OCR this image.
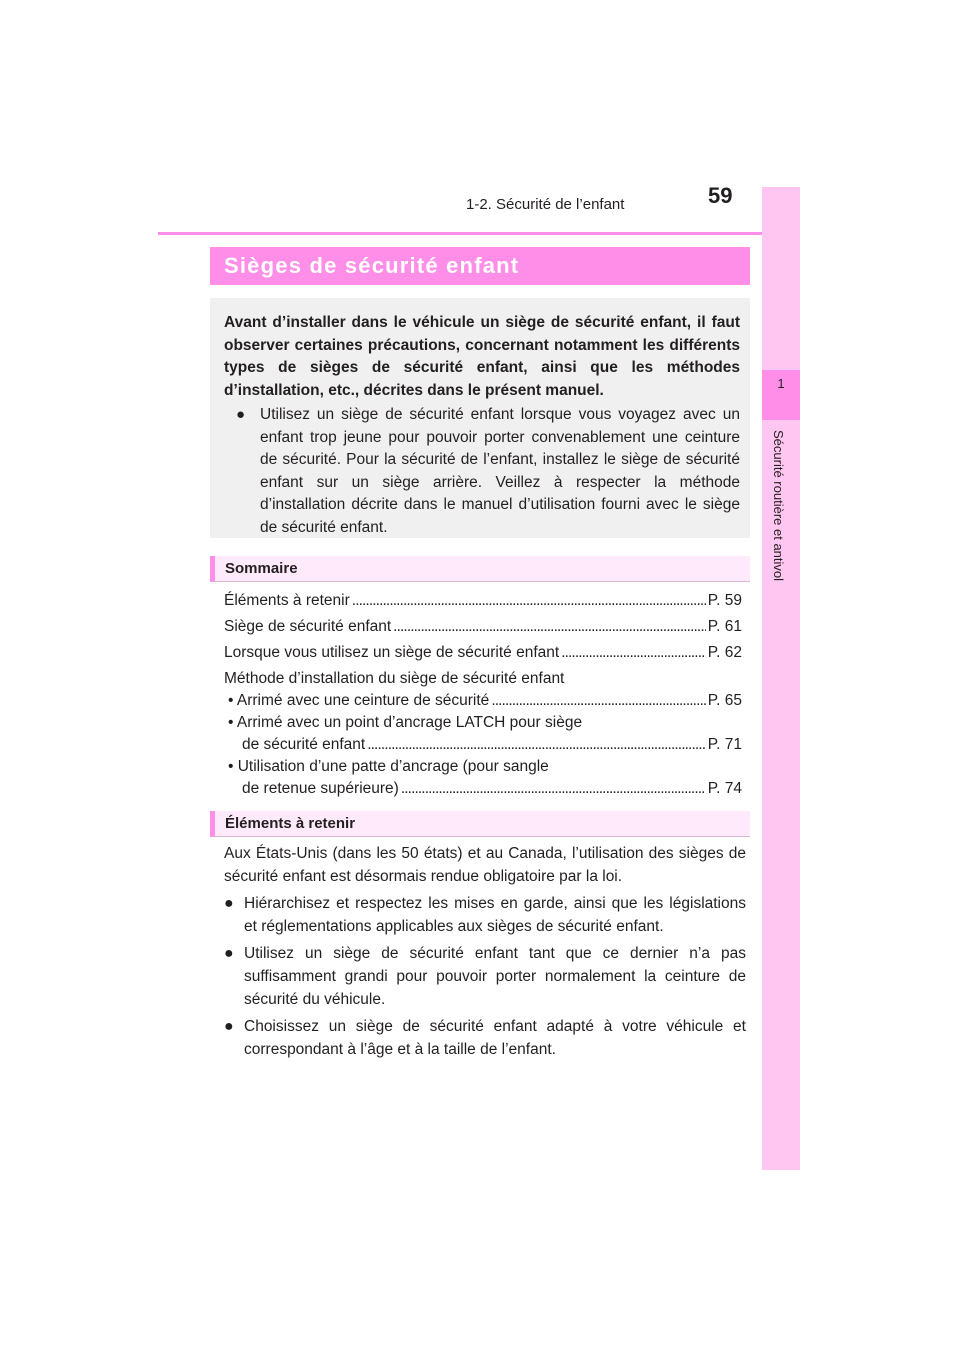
1-2. Sécurité de l’enfant	59
1
Sécurité routière et antivol
Sièges de sécurité enfant

Avant d’installer dans le véhicule un siège de sécurité enfant, il faut observer certaines précautions, concernant notamment les différents types de sièges de sécurité enfant, ainsi que les méthodes d’installation, etc., décrites dans le présent manuel.

● Utilisez un siège de sécurité enfant lorsque vous voyagez avec un enfant trop jeune pour pouvoir porter convenablement une ceinture de sécurité. Pour la sécurité de l’enfant, installez le siège de sécurité enfant sur un siège arrière. Veillez à respecter la méthode d’installation décrite dans le manuel d’utilisation fourni avec le siège de sécurité enfant.

Sommaire
Éléments à retenir . . .	P. 59
Siège de sécurité enfant . . .	P. 61
Lorsque vous utilisez un siège de sécurité enfant . . .	P. 62

Méthode d’installation du siège de sécurité enfant

• Arrimé avec une ceinture de sécurité . . .	P. 65

• Arrimé avec un point d’ancrage LATCH pour siège

de sécurité enfant . . .	P. 71

• Utilisation d’une patte d’ancrage (pour sangle

de retenue supérieure) . . .	P. 74
Éléments à retenir

Aux États-Unis (dans les 50 états) et au Canada, l’utilisation des sièges de sécurité enfant est désormais rendue obligatoire par la loi.

● Hiérarchisez et respectez les mises en garde, ainsi que les législations et réglementations applicables aux sièges de sécurité enfant.

● Utilisez un siège de sécurité enfant tant que ce dernier n’a pas suffisamment grandi pour pouvoir porter normalement la ceinture de sécurité du véhicule.

● Choisissez un siège de sécurité enfant adapté à votre véhicule et correspondant à l’âge et à la taille de l’enfant.
